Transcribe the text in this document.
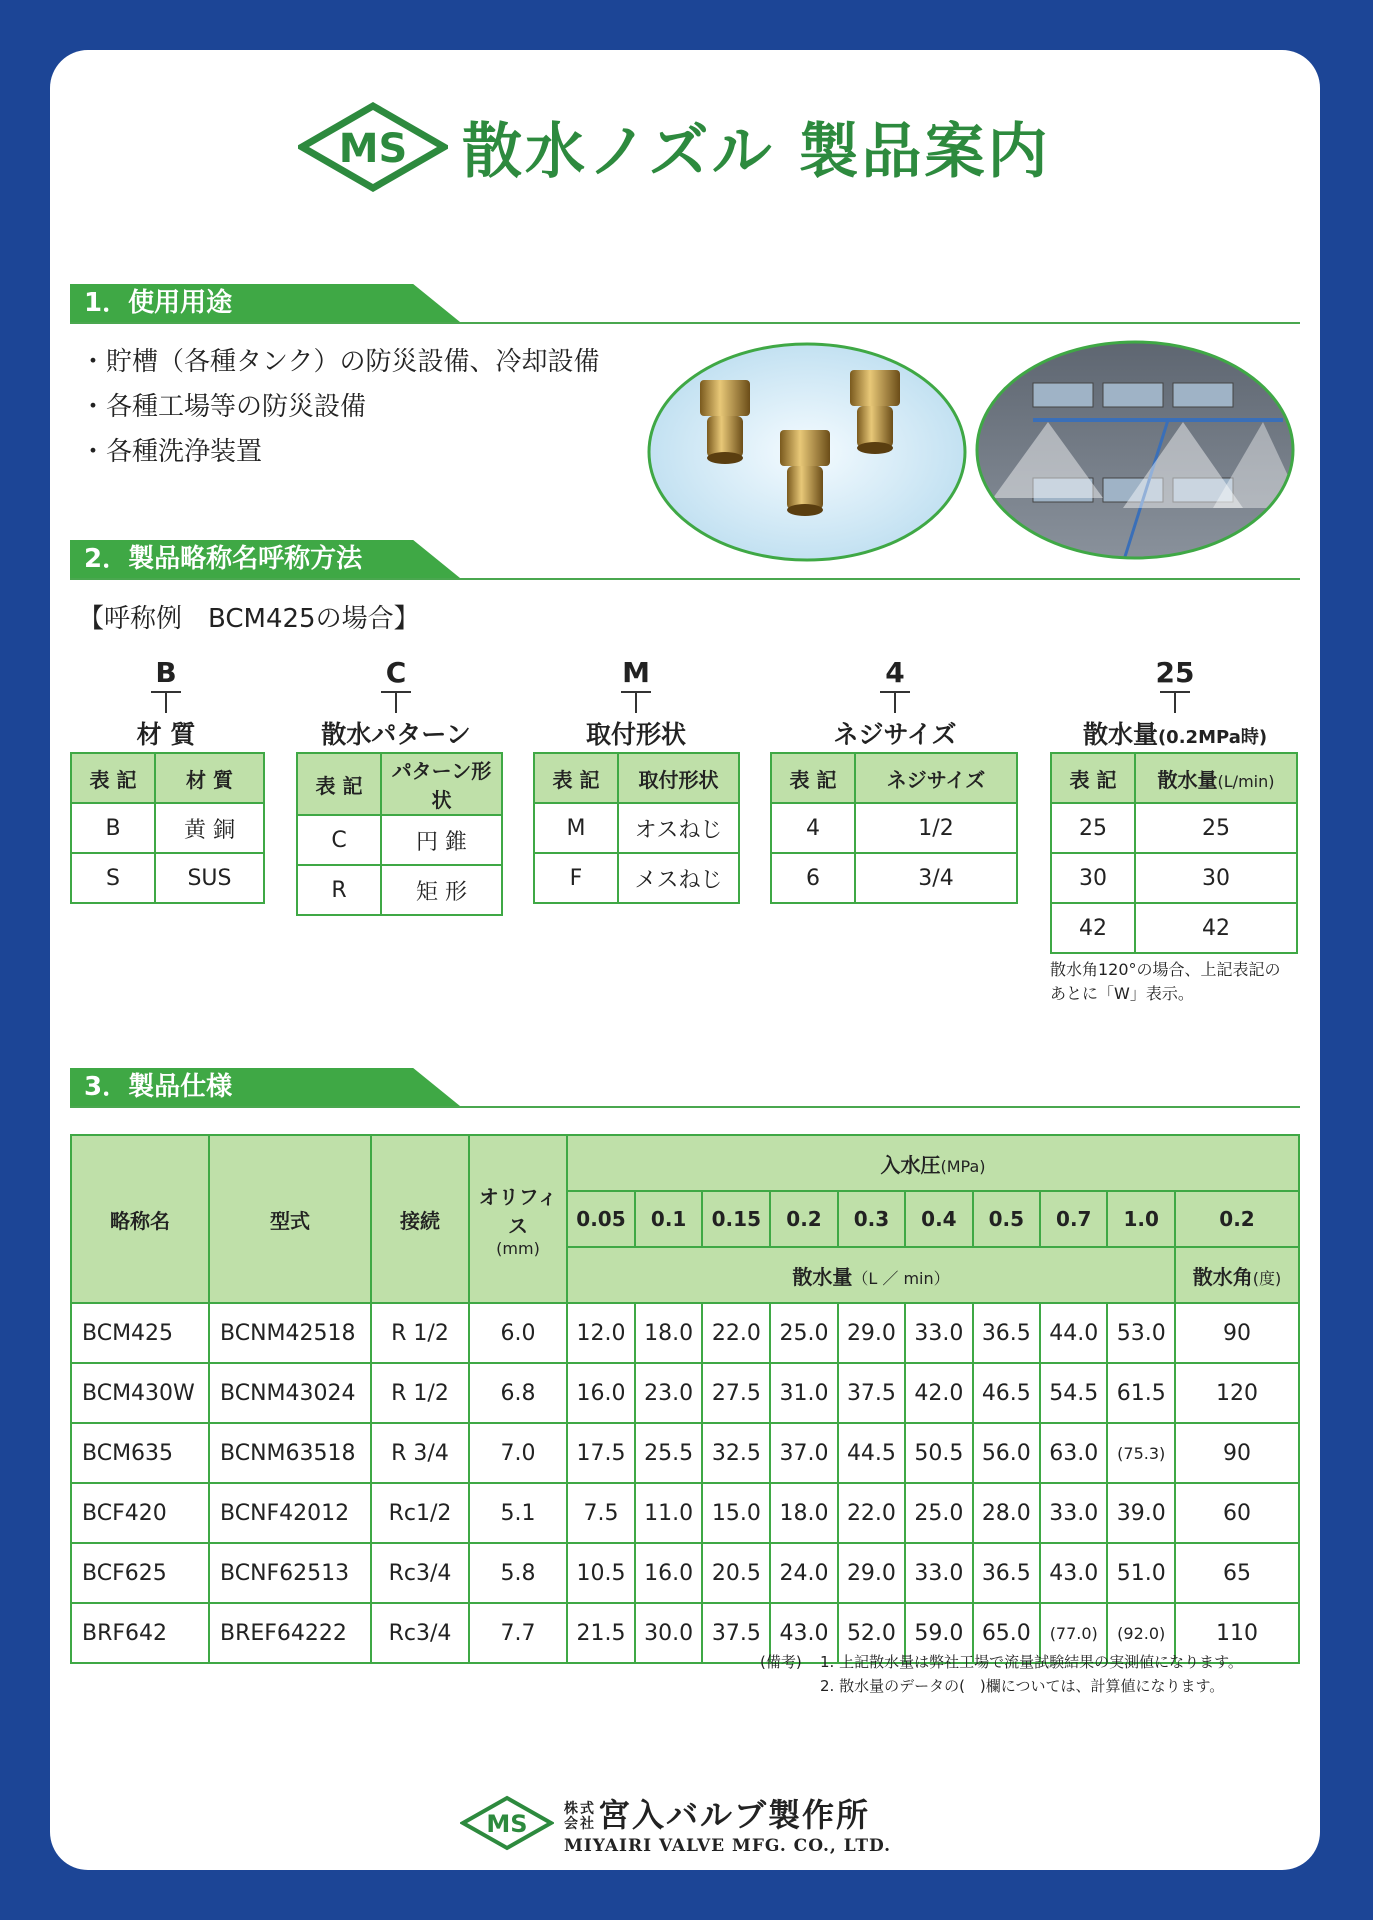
MS 散水ノズル 製品案内
1．使用用途
・ 貯槽（各種タンク）の防災設備、冷却設備
・ 各種工場等の防災設備
・ 各種洗浄装置
2．製品略称名呼称方法
【呼称例　BCM425の場合】
B
材 質
C
散水パターン
M
取付形状
4
ネジサイズ
25
散水量(0.2MPa時)
表 記	材 質
B	黄 銅
S	SUS
表 記	パターン形状
C	円 錐
R	矩 形
表 記	取付形状
M	オスねじ
F	メスねじ
表 記	ネジサイズ
4	1/2
6	3/4
表 記	散水量(L/min)
25	25
30	30
42	42
散水角120°の場合、上記表記の
あとに「W」表示。
3．製品仕様
略称名	型式	接続	オリフィス
(mm)	入水圧(MPa)									
				0.05	0.1	0.15	0.2	0.3	0.4	0.5	0.7	1.0	0.2
				散水量（L ／ min）									散水角(度)
BCM425	BCNM42518	R 1/2	6.0	12.0	18.0	22.0	25.0	29.0	33.0	36.5	44.0	53.0	90
BCM430W	BCNM43024	R 1/2	6.8	16.0	23.0	27.5	31.0	37.5	42.0	46.5	54.5	61.5	120
BCM635	BCNM63518	R 3/4	7.0	17.5	25.5	32.5	37.0	44.5	50.5	56.0	63.0	(75.3)	90
BCF420	BCNF42012	Rc1/2	5.1	7.5	11.0	15.0	18.0	22.0	25.0	28.0	33.0	39.0	60
BCF625	BCNF62513	Rc3/4	5.8	10.5	16.0	20.5	24.0	29.0	33.0	36.5	43.0	51.0	65
BRF642	BREF64222	Rc3/4	7.7	21.5	30.0	37.5	43.0	52.0	59.0	65.0	(77.0)	(92.0)	110
(備考) 1. 上記散水量は弊社工場で流量試験結果の実測値になります。
2. 散水量のデータの(　)欄については、計算値になります。
MS
株式会社宮入バルブ製作所
MIYAIRI VALVE MFG. CO., LTD.
